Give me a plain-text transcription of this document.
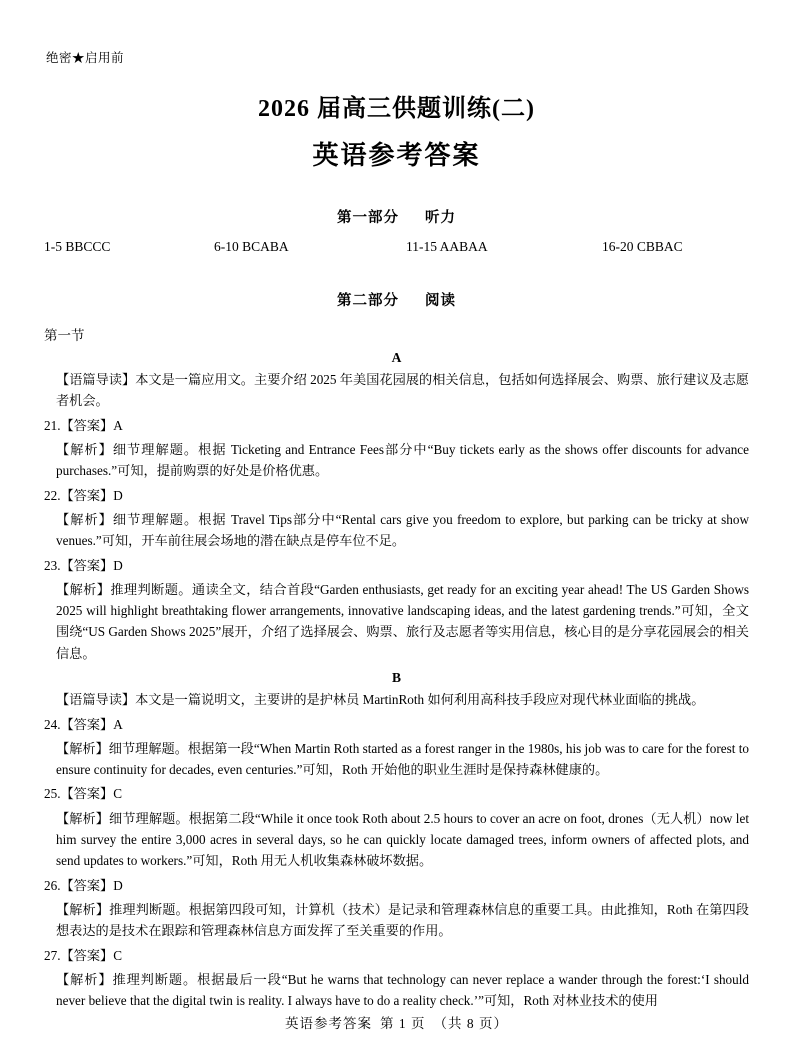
绝密★启用前
2026 届高三供题训练(二)
英语参考答案
第一部分 听力
1-5 BBCCC	6-10 BCABA	11-15 AABAA	16-20 CBBAC
第二部分 阅读
第一节
A
【语篇导读】本文是一篇应用文。主要介绍 2025 年美国花园展的相关信息，包括如何选择展会、购票、旅行建议及志愿者机会。
21.【答案】A
【解析】细节理解题。根据 Ticketing and Entrance Fees部分中“Buy tickets early as the shows offer discounts for advance purchases.”可知，提前购票的好处是价格优惠。
22.【答案】D
【解析】细节理解题。根据 Travel Tips部分中“Rental cars give you freedom to explore, but parking can be tricky at show venues.”可知，开车前往展会场地的潜在缺点是停车位不足。
23.【答案】D
【解析】推理判断题。通读全文，结合首段“Garden enthusiasts, get ready for an exciting year ahead! The US Garden Shows 2025 will highlight breathtaking flower arrangements, innovative landscaping ideas, and the latest gardening trends.”可知，全文围绕“US Garden Shows 2025”展开，介绍了选择展会、购票、旅行及志愿者等实用信息，核心目的是分享花园展会的相关信息。
B
【语篇导读】本文是一篇说明文，主要讲的是护林员 MartinRoth 如何利用高科技手段应对现代林业面临的挑战。
24.【答案】A
【解析】细节理解题。根据第一段“When Martin Roth started as a forest ranger in the 1980s, his job was to care for the forest to ensure continuity for decades, even centuries.”可知，Roth 开始他的职业生涯时是保持森林健康的。
25.【答案】C
【解析】细节理解题。根据第二段“While it once took Roth about 2.5 hours to cover an acre on foot, drones（无人机）now let him survey the entire 3,000 acres in several days, so he can quickly locate damaged trees, inform owners of affected plots, and send updates to workers.”可知，Roth 用无人机收集森林破坏数据。
26.【答案】D
【解析】推理判断题。根据第四段可知，计算机（技术）是记录和管理森林信息的重要工具。由此推知，Roth 在第四段想表达的是技术在跟踪和管理森林信息方面发挥了至关重要的作用。
27.【答案】C
【解析】推理判断题。根据最后一段“But he warns that technology can never replace a wander through the forest:‘I should never believe that the digital twin is reality. I always have to do a reality check.’”可知，Roth 对林业技术的使用
英语参考答案 第 1 页 （共 8 页）
